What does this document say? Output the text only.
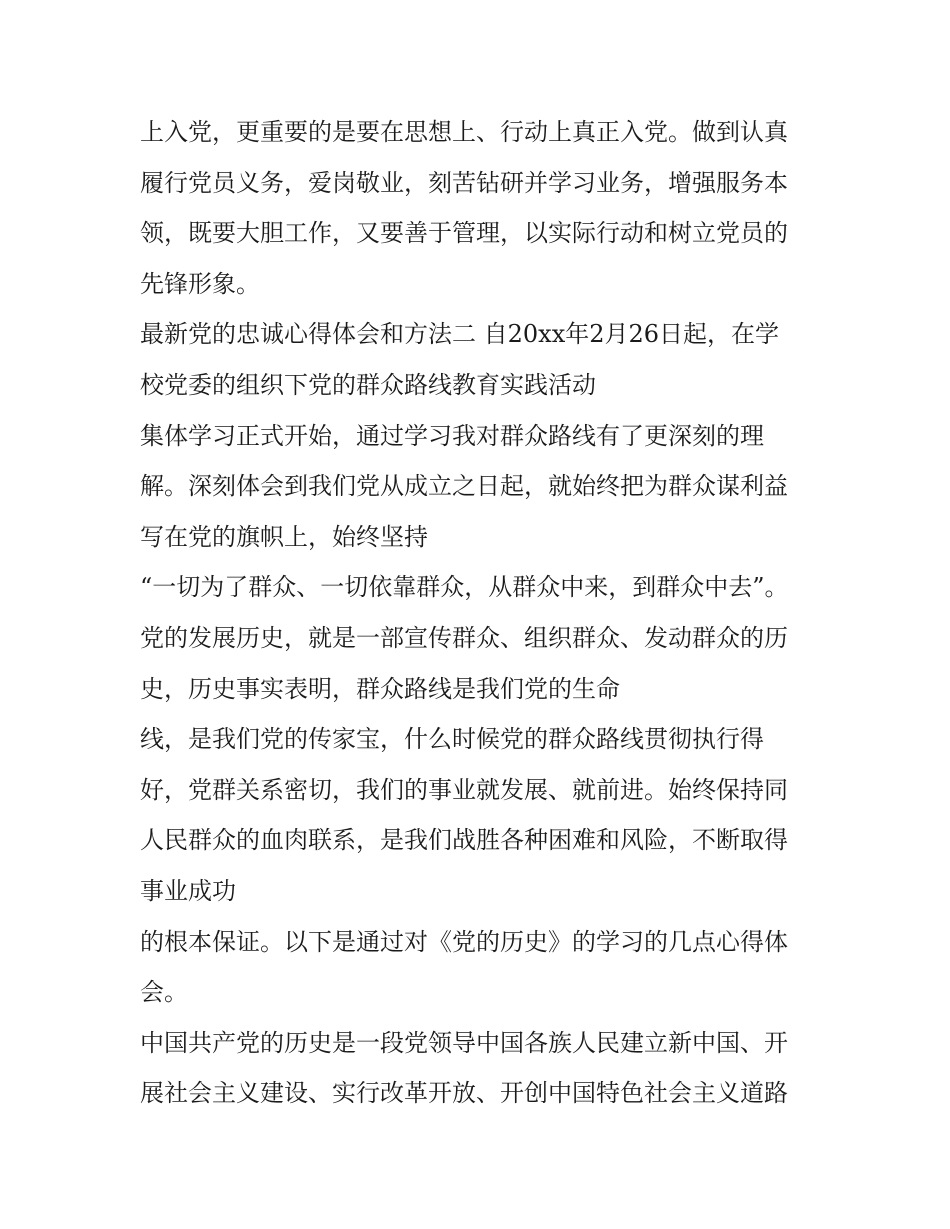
上入党，更重要的是要在思想上、行动上真正入党。做到认真
履行党员义务，爱岗敬业，刻苦钻研并学习业务，增强服务本
领，既要大胆工作，又要善于管理，以实际行动和树立党员的
先锋形象。
最新党的忠诚心得体会和方法二 自20xx年2月26日起，在学
校党委的组织下党的群众路线教育实践活动
集体学习正式开始，通过学习我对群众路线有了更深刻的理
解。深刻体会到我们党从成立之日起，就始终把为群众谋利益
写在党的旗帜上，始终坚持
“一切为了群众、一切依靠群众，从群众中来，到群众中去”。
党的发展历史，就是一部宣传群众、组织群众、发动群众的历
史，历史事实表明，群众路线是我们党的生命
线，是我们党的传家宝，什么时候党的群众路线贯彻执行得
好，党群关系密切，我们的事业就发展、就前进。始终保持同
人民群众的血肉联系，是我们战胜各种困难和风险，不断取得
事业成功
的根本保证。以下是通过对《党的历史》的学习的几点心得体
会。
中国共产党的历史是一段党领导中国各族人民建立新中国、开
展社会主义建设、实行改革开放、开创中国特色社会主义道路
